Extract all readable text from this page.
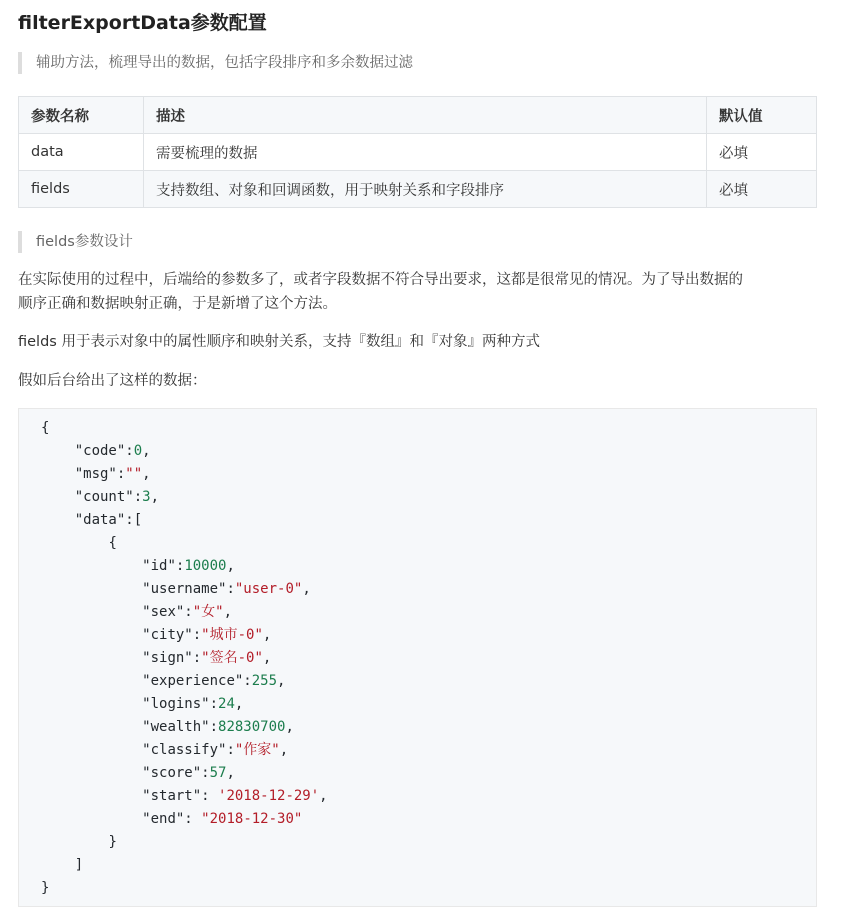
filterExportData参数配置
辅助方法，梳理导出的数据，包括字段排序和多余数据过滤
参数名称	描述	默认值
data	需要梳理的数据	必填
fields	支持数组、对象和回调函数，用于映射关系和字段排序	必填
fields参数设计
在实际使用的过程中，后端给的参数多了，或者字段数据不符合导出要求，这都是很常见的情况。为了导出数据的
顺序正确和数据映射正确，于是新增了这个方法。
fields 用于表示对象中的属性顺序和映射关系，支持『数组』和『对象』两种方式
假如后台给出了这样的数据：
{
"code":0,
"msg":"",
"count":3,
"data":[
{
"id":10000,
"username":"user-0",
"sex":"女",
"city":"城市-0",
"sign":"签名-0",
"experience":255,
"logins":24,
"wealth":82830700,
"classify":"作家",
"score":57,
"start": '2018-12-29',
"end": "2018-12-30"
}
]
}
